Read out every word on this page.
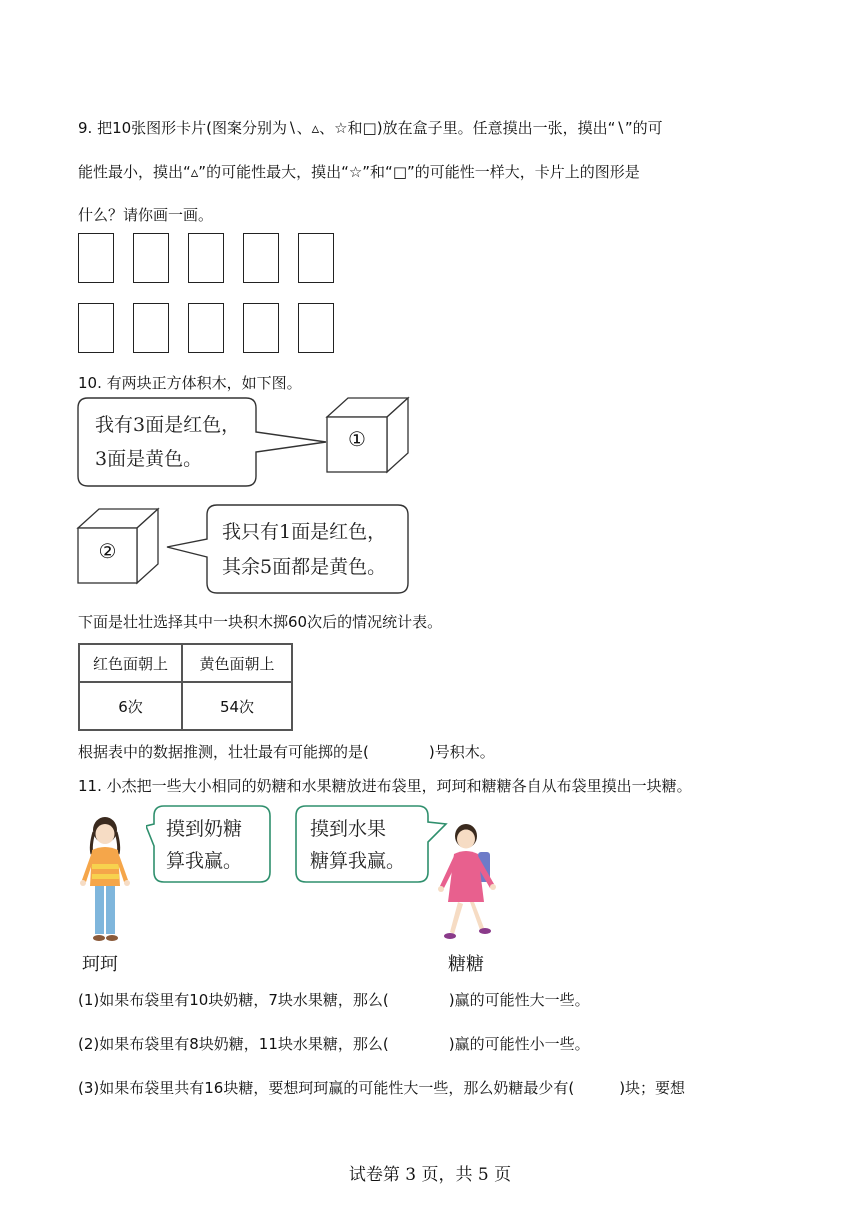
9. 把10张图形卡片(图案分别为∖、▵、☆和□)放在盒子里。任意摸出一张，摸出“∖”的可
能性最小，摸出“▵”的可能性最大，摸出“☆”和“□”的可能性一样大，卡片上的图形是
什么？请你画一画。
10. 有两块正方体积木，如下图。
我有3面是红色，
3面是黄色。
①
②
我只有1面是红色，
其余5面都是黄色。
下面是壮壮选择其中一块积木掷60次后的情况统计表。
红色面朝上	黄色面朝上
6次	54次
根据表中的数据推测，壮壮最有可能掷的是(　　　　)号积木。
11. 小杰把一些大小相同的奶糖和水果糖放进布袋里，珂珂和糖糖各自从布袋里摸出一块糖。
摸到奶糖
算我赢。
摸到水果
糖算我赢。
珂珂	糖糖
(1)如果布袋里有10块奶糖，7块水果糖，那么(　　　　)赢的可能性大一些。
(2)如果布袋里有8块奶糖，11块水果糖，那么(　　　　)赢的可能性小一些。
(3)如果布袋里共有16块糖，要想珂珂赢的可能性大一些，那么奶糖最少有(　　　)块；要想
试卷第 3 页，共 5 页
